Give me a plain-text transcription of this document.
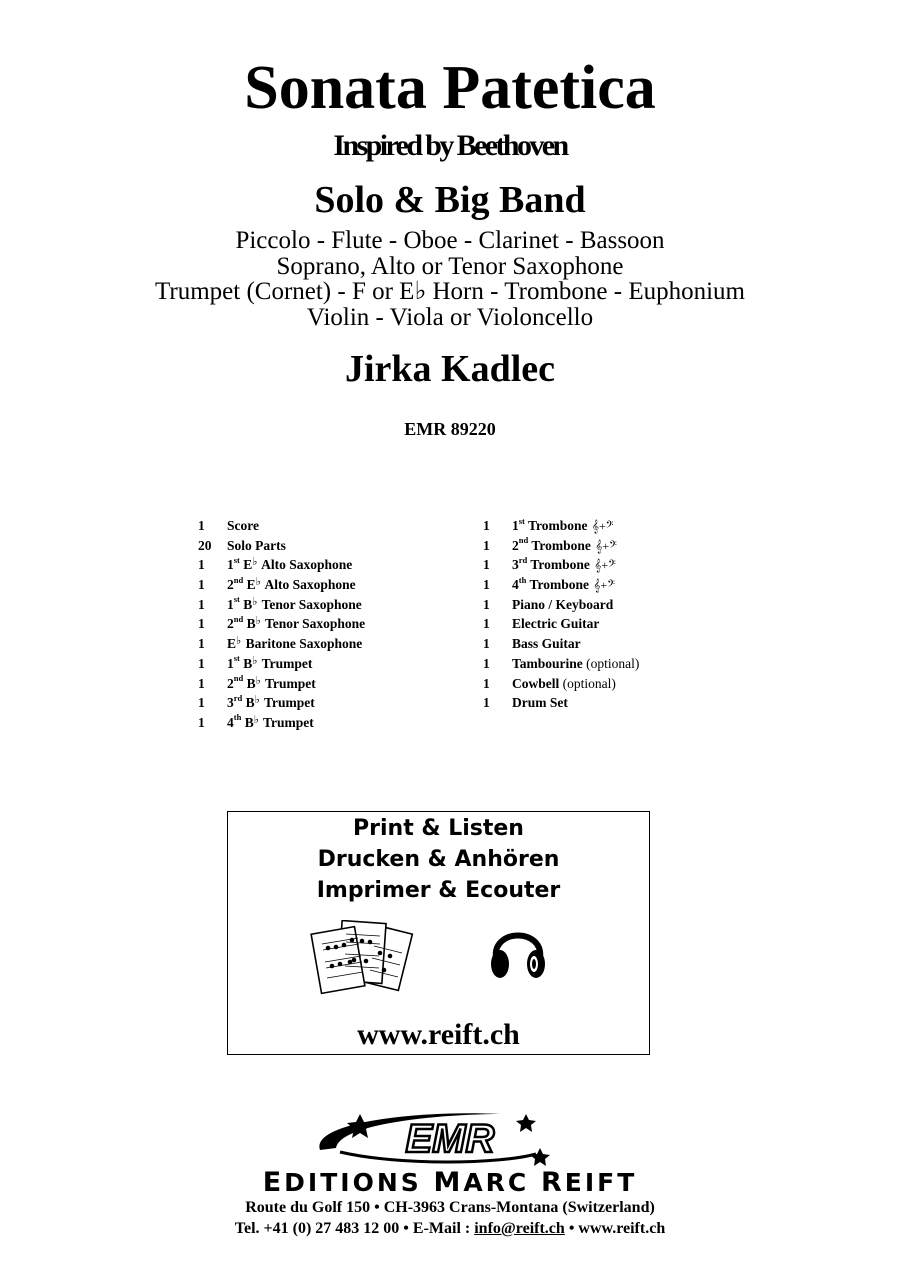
Sonata Patetica
Inspired by Beethoven
Solo & Big Band
Piccolo - Flute - Oboe - Clarinet - Bassoon
Soprano, Alto or Tenor Saxophone
Trumpet (Cornet) - F or E♭ Horn - Trombone - Euphonium
Violin - Viola or Violoncello
Jirka Kadlec
EMR 89220
1 Score
20 Solo Parts
1 1st E♭ Alto Saxophone
1 2nd E♭ Alto Saxophone
1 1st B♭ Tenor Saxophone
1 2nd B♭ Tenor Saxophone
1 E♭ Baritone Saxophone
1 1st B♭ Trumpet
1 2nd B♭ Trumpet
1 3rd B♭ Trumpet
1 4th B♭ Trumpet
1 1st Trombone 𝄞+𝄢
1 2nd Trombone 𝄞+𝄢
1 3rd Trombone 𝄞+𝄢
1 4th Trombone 𝄞+𝄢
1 Piano / Keyboard
1 Electric Guitar
1 Bass Guitar
1 Tambourine (optional)
1 Cowbell (optional)
1 Drum Set
Print & Listen
Drucken & Anhören
Imprimer & Ecouter
www.reift.ch
EMR
EDITIONS MARC REIFT
Route du Golf 150 • CH-3963 Crans-Montana (Switzerland)
Tel. +41 (0) 27 483 12 00 • E-Mail : info@reift.ch • www.reift.ch
